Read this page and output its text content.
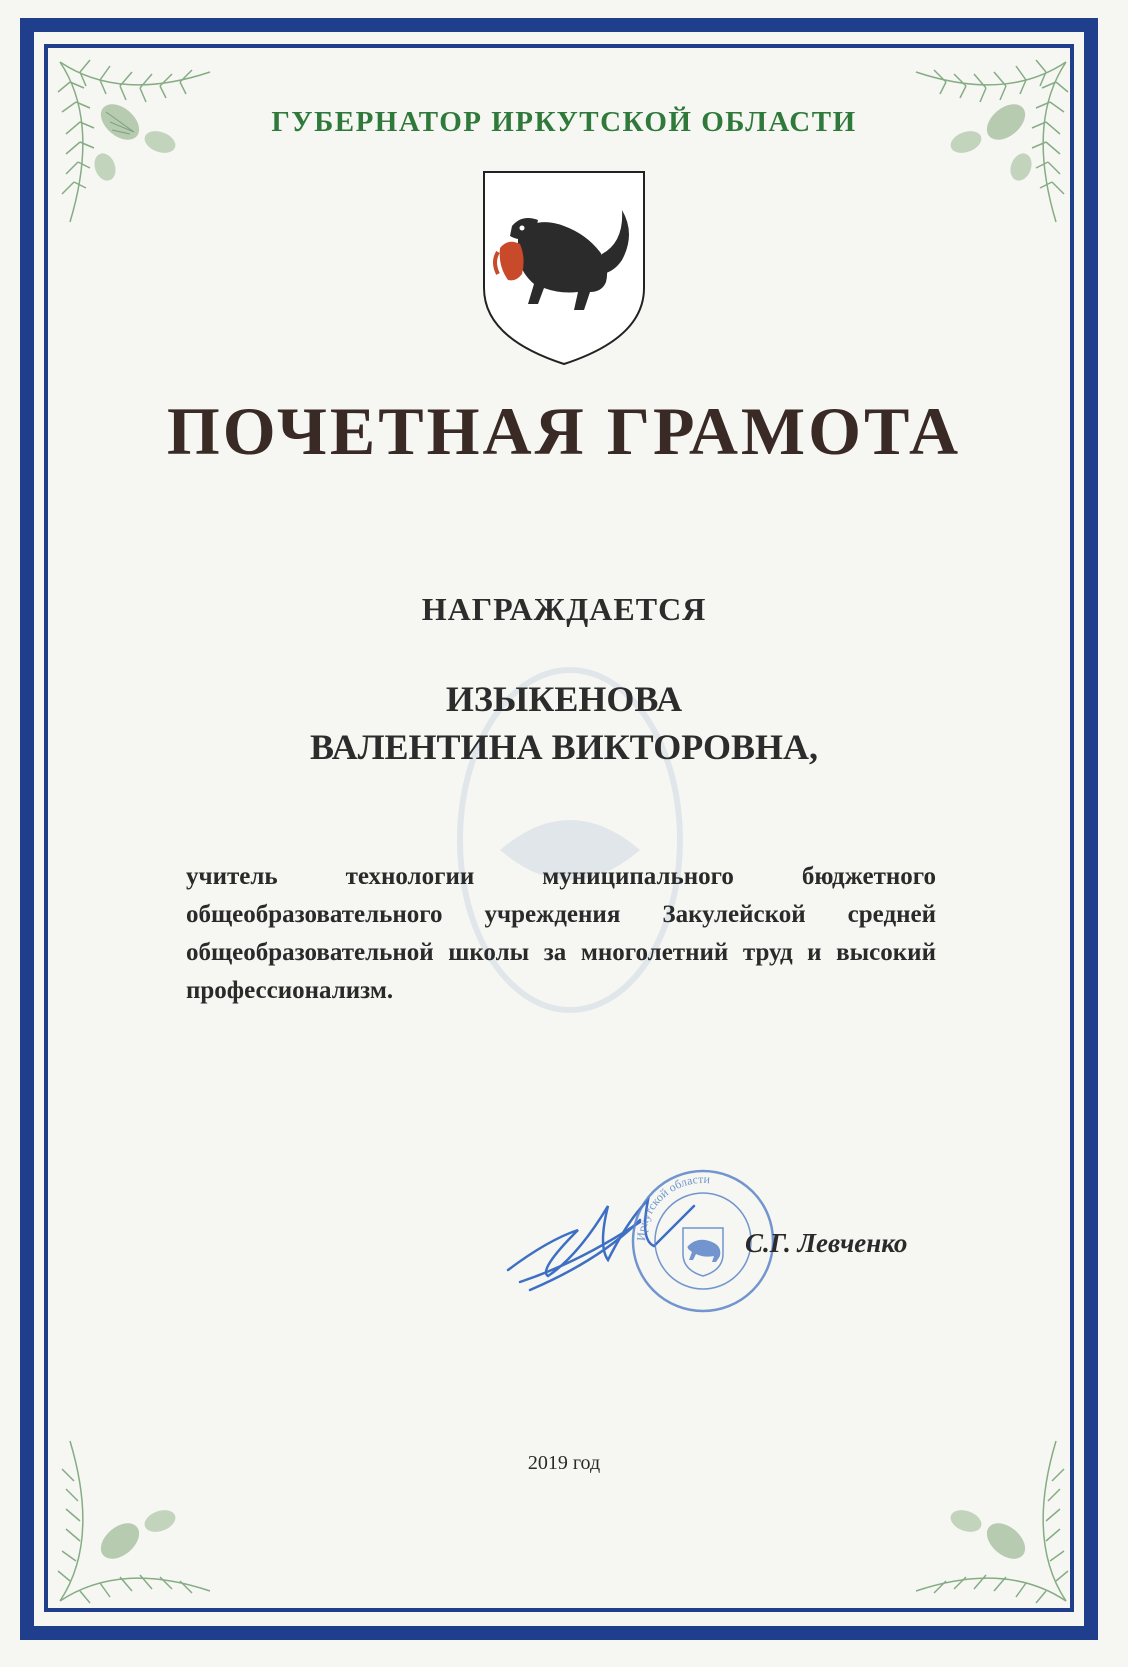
ГУБЕРНАТОР ИРКУТСКОЙ ОБЛАСТИ
ПОЧЕТНАЯ ГРАМОТА
НАГРАЖДАЕТСЯ
ИЗЫКЕНОВА
ВАЛЕНТИНА ВИКТОРОВНА,
учитель технологии муниципального бюджетного общеобразовательного учреждения Закулейской средней общеобразовательной школы за многолетний труд и высокий профессионализм.
Иркутской области
С.Г. Левченко
2019 год
